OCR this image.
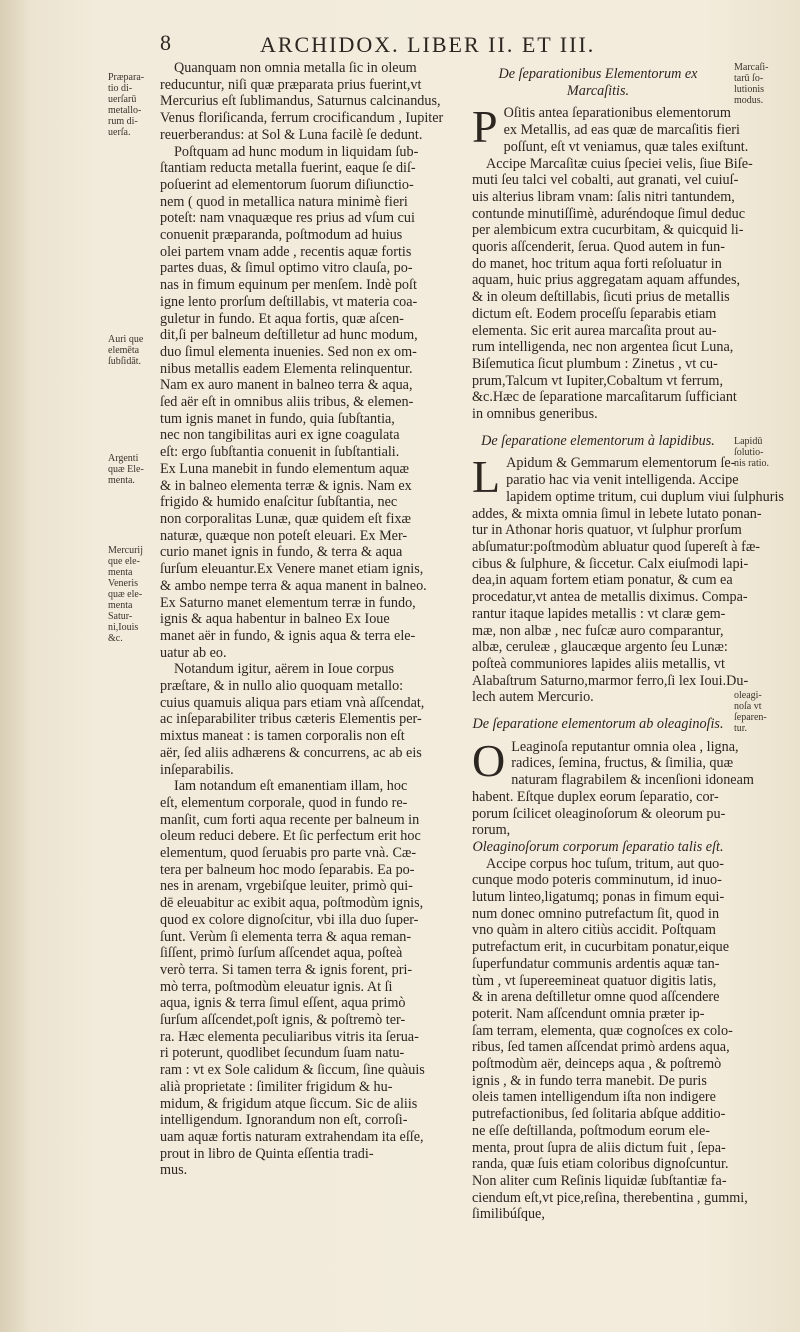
8	ARCHIDOX. LIBER II. ET III.
Præpara-
tio di-
uerſarū
metallo-
rum di-
uerſa.
Auri que
elemēta
ſubſidāt.
Argenti
quæ Ele-
menta.
Mercurij
que ele-
menta
Veneris
quæ ele-
menta
Satur-
ni,Iouis
&c.
Marcaſi-
tarū ſo-
lutionis
modus.
Lapidū
ſolutio-
nis ratio.
oleagi-
noſa vt
ſeparen-
tur.
Quanquam non omnia metalla ſic in oleum
reducuntur, niſi quæ præparata prius fuerint,vt
Mercurius eſt ſublimandus, Saturnus calcinandus,
Venus floriſicanda, ferrum crocificandum , Iupiter
reuerberandus: at Sol & Luna facilè ſe dedunt.
Poſtquam ad hunc modum in liquidam ſub-
ſtantiam reducta metalla fuerint, eaque ſe diſ-
poſuerint ad elementorum ſuorum diſiunctio-
nem ( quod in metallica natura minimè fieri
poteſt: nam vnaquæque res prius ad vſum cui
conuenit præparanda, poſtmodum ad huius
olei partem vnam adde , recentis aquæ fortis
partes duas, & ſimul optimo vitro clauſa, po-
nas in fimum equinum per menſem. Indè poſt
igne lento prorſum deſtillabis, vt materia coa-
guletur in fundo. Et aqua fortis, quæ aſcen-
dit,ſi per balneum deſtilletur ad hunc modum,
duo ſimul elementa inuenies. Sed non ex om-
nibus metallis eadem Elementa relinquentur.
Nam ex auro manent in balneo terra & aqua,
ſed aër eſt in omnibus aliis tribus, & elemen-
tum ignis manet in fundo, quia ſubſtantia,
nec non tangibilitas auri ex igne coagulata
eſt: ergo ſubſtantia conuenit in ſubſtantiali.
Ex Luna manebit in fundo elementum aquæ
& in balneo elementa terræ & ignis. Nam ex
frigido & humido enaſcitur ſubſtantia, nec
non corporalitas Lunæ, quæ quidem eſt fixæ
naturæ, quæque non poteſt eleuari. Ex Mer-
curio manet ignis in fundo, & terra & aqua
ſurſum eleuantur.Ex Venere manet etiam ignis,
& ambo nempe terra & aqua manent in balneo.
Ex Saturno manet elementum terræ in fundo,
ignis & aqua habentur in balneo Ex Ioue
manet aër in fundo, & ignis aqua & terra ele-
uatur ab eo.
Notandum igitur, aërem in Ioue corpus
præſtare, & in nullo alio quoquam metallo:
cuius quamuis aliqua pars etiam vnà aſſcendat,
ac inſeparabiliter tribus cæteris Elementis per-
mixtus maneat : is tamen corporalis non eſt
aër, ſed aliis adhærens & concurrens, ac ab eis
inſeparabilis.
Iam notandum eſt emanentiam illam, hoc
eſt, elementum corporale, quod in fundo re-
manſit, cum forti aqua recente per balneum in
oleum reduci debere. Et ſic perfectum erit hoc
elementum, quod ſeruabis pro parte vnà. Cæ-
tera per balneum hoc modo ſeparabis. Ea po-
nes in arenam, vrgebiſque leuiter, primò qui-
dē eleuabitur ac exibit aqua, poſtmodùm ignis,
quod ex colore dignoſcitur, vbi illa duo ſuper-
ſunt. Verùm ſi elementa terra & aqua reman-
ſiſſent, primò ſurſum aſſcendet aqua, poſteà
verò terra. Si tamen terra & ignis forent, pri-
mò terra, poſtmodùm eleuatur ignis. At ſi
aqua, ignis & terra ſimul eſſent, aqua primò
ſurſum aſſcendet,poſt ignis, & poſtremò ter-
ra. Hæc elementa peculiaribus vitris ita ſerua-
ri poterunt, quodlibet ſecundum ſuam natu-
ram : vt ex Sole calidum & ſiccum, ſine quàuis
alià proprietate : ſimiliter frigidum & hu-
midum, & frigidum atque ſiccum. Sic de aliis
intelligendum. Ignorandum non eſt, corroſi-
uam aquæ fortis naturam extrahendam ita eſſe,
prout in libro de Quinta eſſentia tradi-
mus.
De ſeparationibus Elementorum ex Marcaſitis.
P Oſitis antea ſeparationibus elementorum
ex Metallis, ad eas quæ de marcaſitis fieri
poſſunt, eſt vt veniamus, quæ tales exiſtunt.
Accipe Marcaſitæ cuius ſpeciei velis, ſiue Biſe-
muti ſeu talci vel cobalti, aut granati, vel cuiuſ-
uis alterius libram vnam: ſalis nitri tantundem,
contunde minutiſſimè, aduréndoque ſimul deduc
per alembicum extra cucurbitam, & quicquid li-
quoris aſſcenderit, ſerua. Quod autem in fun-
do manet, hoc tritum aqua forti reſoluatur in
aquam, huic prius aggregatam aquam affundes,
& in oleum deſtillabis, ſicuti prius de metallis
dictum eſt. Eodem proceſſu ſeparabis etiam
elementa. Sic erit aurea marcaſita prout au-
rum intelligenda, nec non argentea ſicut Luna,
Biſemutica ſicut plumbum : Zinetus , vt cu-
prum,Talcum vt Iupiter,Cobaltum vt ferrum,
&c.Hæc de ſeparatione marcaſitarum ſufficiant
in omnibus generibus.
De ſeparatione elementorum à lapidibus.
L Apidum & Gemmarum elementorum ſe-
paratio hac via venit intelligenda. Accipe
lapidem optime tritum, cui duplum viui ſulphuris
addes, & mixta omnia ſimul in lebete lutato ponan-
tur in Athonar horis quatuor, vt ſulphur prorſum
abſumatur:poſtmodùm abluatur quod ſupereſt à fæ-
cibus & ſulphure, & ſiccetur. Calx eiuſmodi lapi-
dea,in aquam fortem etiam ponatur, & cum ea
procedatur,vt antea de metallis diximus. Compa-
rantur itaque lapides metallis : vt claræ gem-
mæ, non albæ , nec fuſcæ auro comparantur,
albæ, ceruleæ , glaucæque argento ſeu Lunæ:
poſteà communiores lapides aliis metallis, vt
Alabaſtrum Saturno,marmor ferro,ſi lex Ioui.Du-
lech autem Mercurio.
De ſeparatione elementorum ab oleaginoſis.
O Leaginoſa reputantur omnia olea , ligna,
radices, ſemina, fructus, & ſimilia, quæ
naturam flagrabilem & incenſioni idoneam
habent. Eſtque duplex eorum ſeparatio, cor-
porum ſcilicet oleaginoſorum & oleorum pu-
rorum,
Oleaginoſorum corporum ſeparatio talis eſt.
Accipe corpus hoc tuſum, tritum, aut quo-
cunque modo poteris comminutum, id inuo-
lutum linteo,ligatumq; ponas in fimum equi-
num donec omnino putrefactum ſit, quod in
vno quàm in altero citiùs accidit. Poſtquam
putrefactum erit, in cucurbitam ponatur,eique
ſuperfundatur communis ardentis aquæ tan-
tùm , vt ſupereemineat quatuor digitis latis,
& in arena deſtilletur omne quod aſſcendere
poterit. Nam aſſcendunt omnia præter ip-
ſam terram, elementa, quæ cognoſces ex colo-
ribus, ſed tamen aſſcendat primò ardens aqua,
poſtmodùm aër, deinceps aqua , & poſtremò
ignis , & in fundo terra manebit. De puris
oleis tamen intelligendum iſta non indigere
putrefactionibus, ſed ſolitaria abſque additio-
ne eſſe deſtillanda, poſtmodum eorum ele-
menta, prout ſupra de aliis dictum fuit , ſepa-
randa, quæ ſuis etiam coloribus dignoſcuntur.
Non aliter cum Reſinis liquidæ ſubſtantiæ fa-
ciendum eſt,vt pice,reſina, therebentina , gummi,
ſimilibúſque,
